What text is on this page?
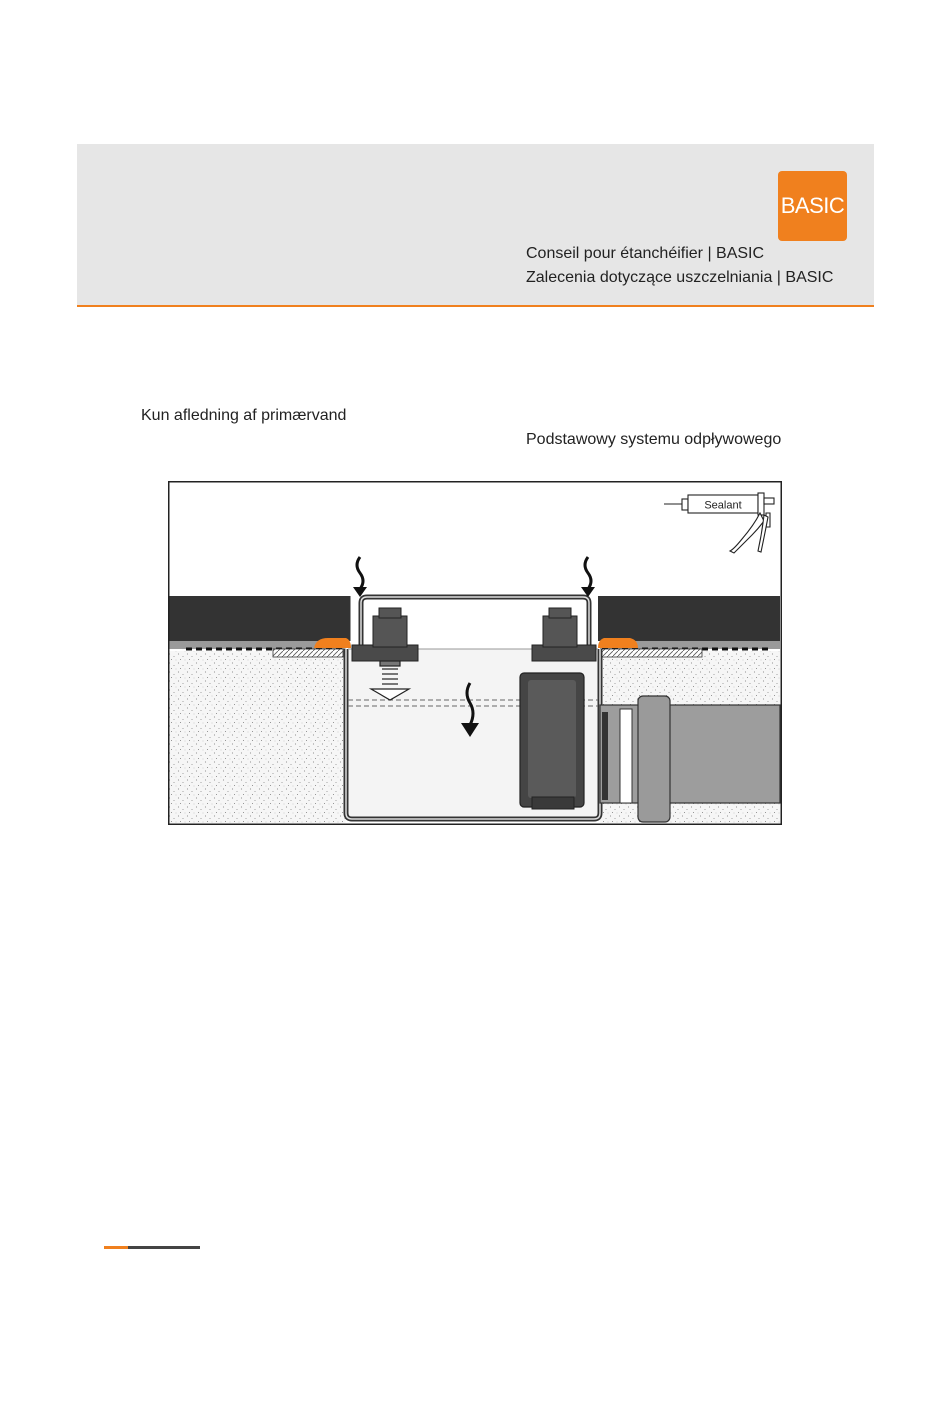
BASIC
Conseil pour étanchéifier | BASIC
Zalecenia dotyczące uszczelniania | BASIC
Kun afledning af primærvand
Podstawowy systemu odpływowego
Sealant
